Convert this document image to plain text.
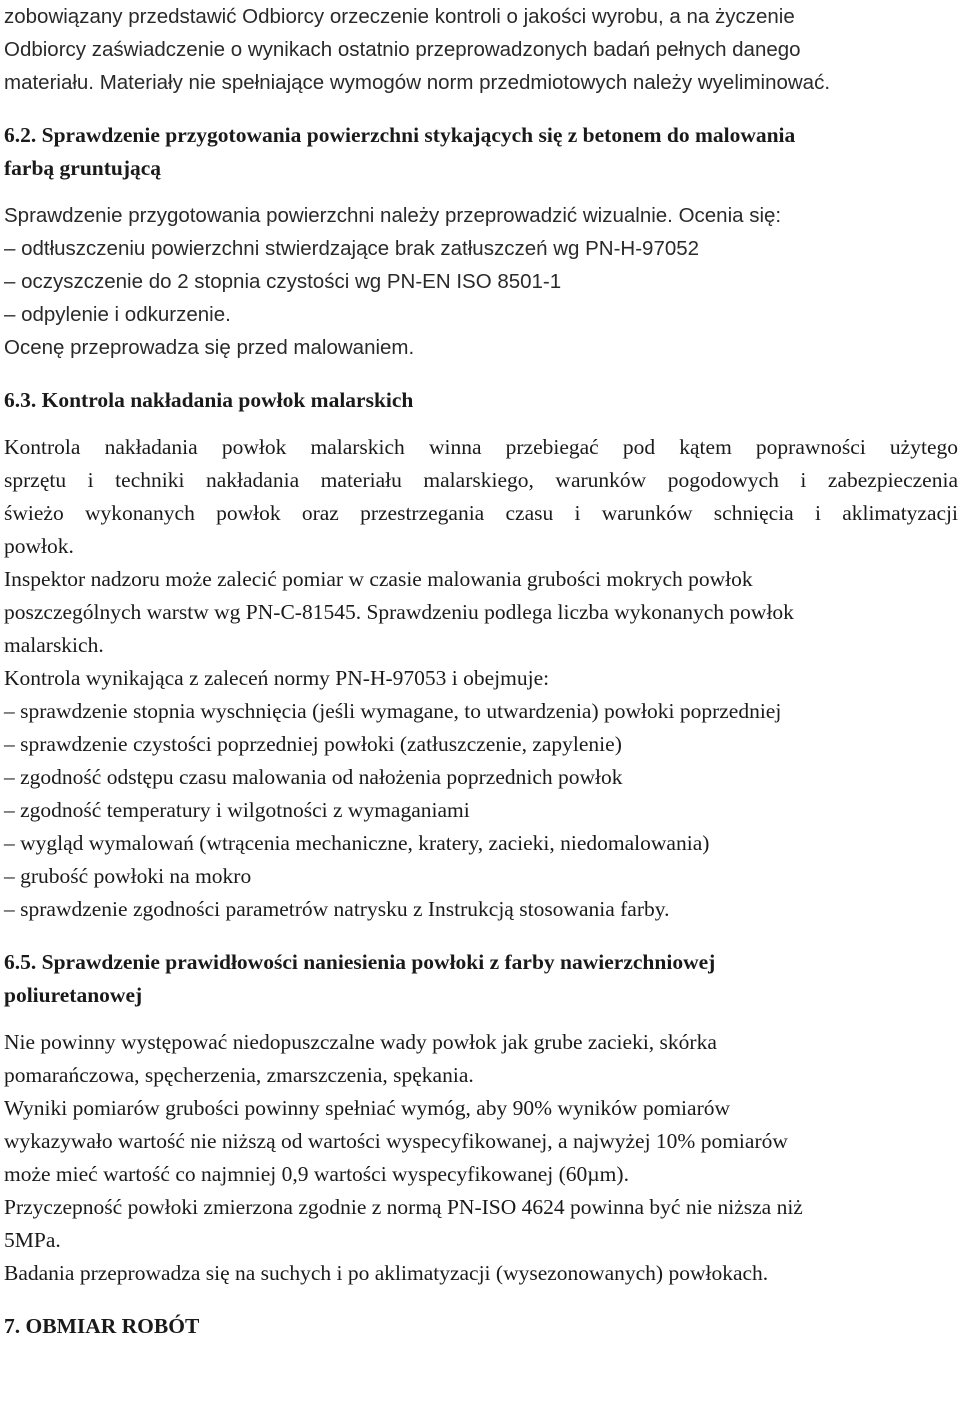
zobowiązany przedstawić Odbiorcy orzeczenie kontroli o jakości wyrobu, a na życzenie
Odbiorcy zaświadczenie o wynikach ostatnio przeprowadzonych badań pełnych danego
materiału. Materiały nie spełniające wymogów norm przedmiotowych należy wyeliminować.
6.2. Sprawdzenie przygotowania powierzchni stykających się z betonem do malowania
farbą gruntującą
Sprawdzenie przygotowania powierzchni należy przeprowadzić wizualnie. Ocenia się:
– odtłuszczeniu powierzchni stwierdzające brak zatłuszczeń wg PN-H-97052
– oczyszczenie do 2 stopnia czystości wg PN-EN ISO 8501-1
– odpylenie i odkurzenie.
Ocenę przeprowadza się przed malowaniem.
6.3. Kontrola nakładania powłok malarskich
Kontrola nakładania powłok malarskich winna przebiegać pod kątem poprawności użytego
sprzętu i techniki nakładania materiału malarskiego, warunków pogodowych i zabezpieczenia
świeżo wykonanych powłok oraz przestrzegania czasu i warunków schnięcia i aklimatyzacji
powłok.
Inspektor nadzoru może zalecić pomiar w czasie malowania grubości mokrych powłok
poszczególnych warstw wg PN-C-81545. Sprawdzeniu podlega liczba wykonanych powłok
malarskich.
Kontrola wynikająca z zaleceń normy PN-H-97053 i obejmuje:
– sprawdzenie stopnia wyschnięcia (jeśli wymagane, to utwardzenia) powłoki poprzedniej
– sprawdzenie czystości poprzedniej powłoki (zatłuszczenie, zapylenie)
– zgodność odstępu czasu malowania od nałożenia poprzednich powłok
– zgodność temperatury i wilgotności z wymaganiami
– wygląd wymalowań (wtrącenia mechaniczne, kratery, zacieki, niedomalowania)
– grubość powłoki na mokro
– sprawdzenie zgodności parametrów natrysku z Instrukcją stosowania farby.
6.5. Sprawdzenie prawidłowości naniesienia powłoki z farby nawierzchniowej
poliuretanowej
Nie powinny występować niedopuszczalne wady powłok jak grube zacieki, skórka
pomarańczowa, spęcherzenia, zmarszczenia, spękania.
Wyniki pomiarów grubości powinny spełniać wymóg, aby 90% wyników pomiarów
wykazywało wartość nie niższą od wartości wyspecyfikowanej, a najwyżej 10% pomiarów
może mieć wartość co najmniej 0,9 wartości wyspecyfikowanej (60µm).
Przyczepność powłoki zmierzona zgodnie z normą PN-ISO 4624 powinna być nie niższa niż
5MPa.
Badania przeprowadza się na suchych i po aklimatyzacji (wysezonowanych) powłokach.
7. OBMIAR ROBÓT
